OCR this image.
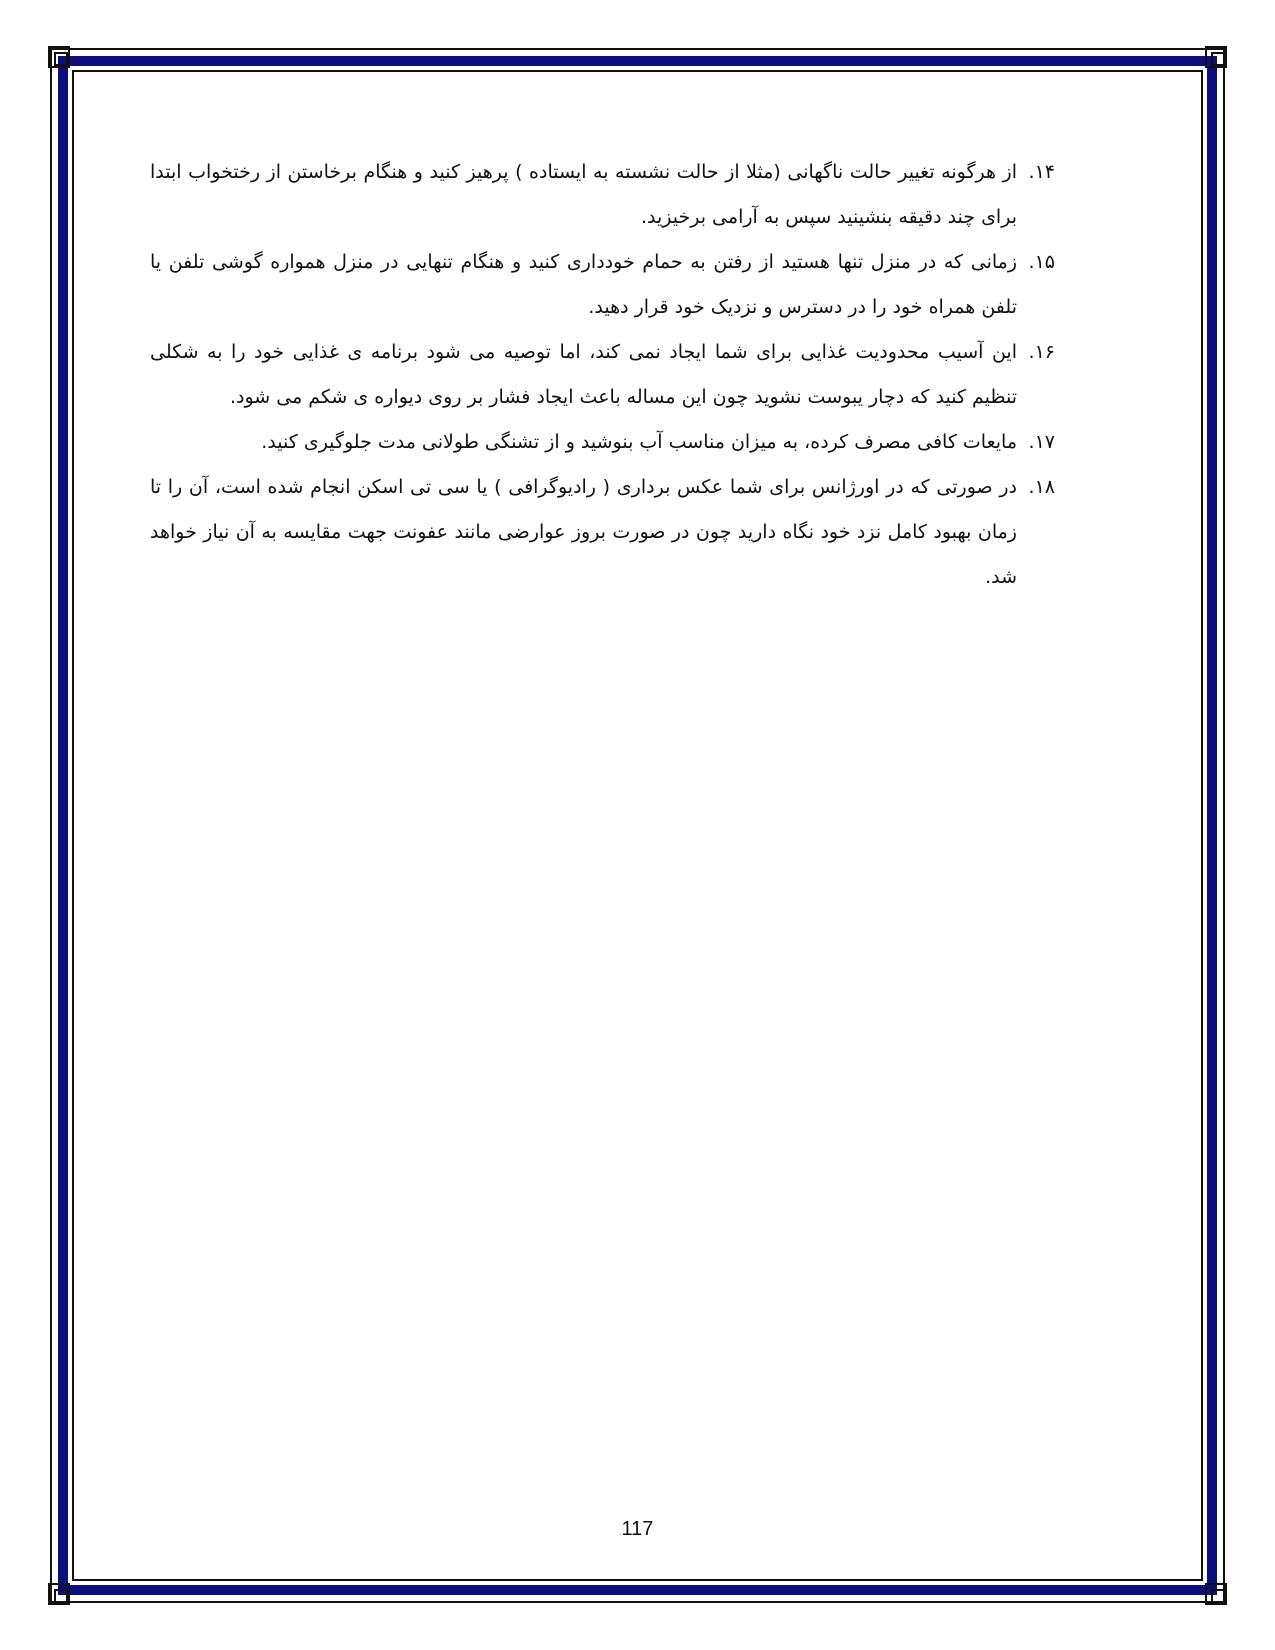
۱۴.
از هرگونه تغییر حالت ناگهانی (مثلا از حالت نشسته به ایستاده ) پرهیز کنید و هنگام برخاستن از رختخواب ابتدا برای چند دقیقه بنشینید سپس به آرامی برخیزید.
۱۵.
زمانی که در منزل تنها هستید از رفتن به حمام خودداری کنید و هنگام تنهایی در منزل همواره گوشی تلفن یا تلفن همراه خود را در دسترس و نزدیک خود قرار دهید.
۱۶.
این آسیب محدودیت غذایی برای شما ایجاد نمی کند، اما توصیه می شود برنامه ی غذایی خود را به شکلی تنظیم کنید که دچار یبوست نشوید چون این مساله باعث ایجاد فشار بر روی دیواره ی شکم می شود.
۱۷.
مایعات کافی مصرف کرده، به میزان مناسب آب بنوشید و از تشنگی طولانی مدت جلوگیری کنید.
۱۸.
در صورتی که در اورژانس برای شما عکس برداری ( رادیوگرافی ) یا سی تی اسکن انجام شده است، آن را تا زمان بهبود کامل نزد خود نگاه دارید چون در صورت بروز عوارضی مانند عفونت جهت مقایسه به آن نیاز خواهد شد.
117
